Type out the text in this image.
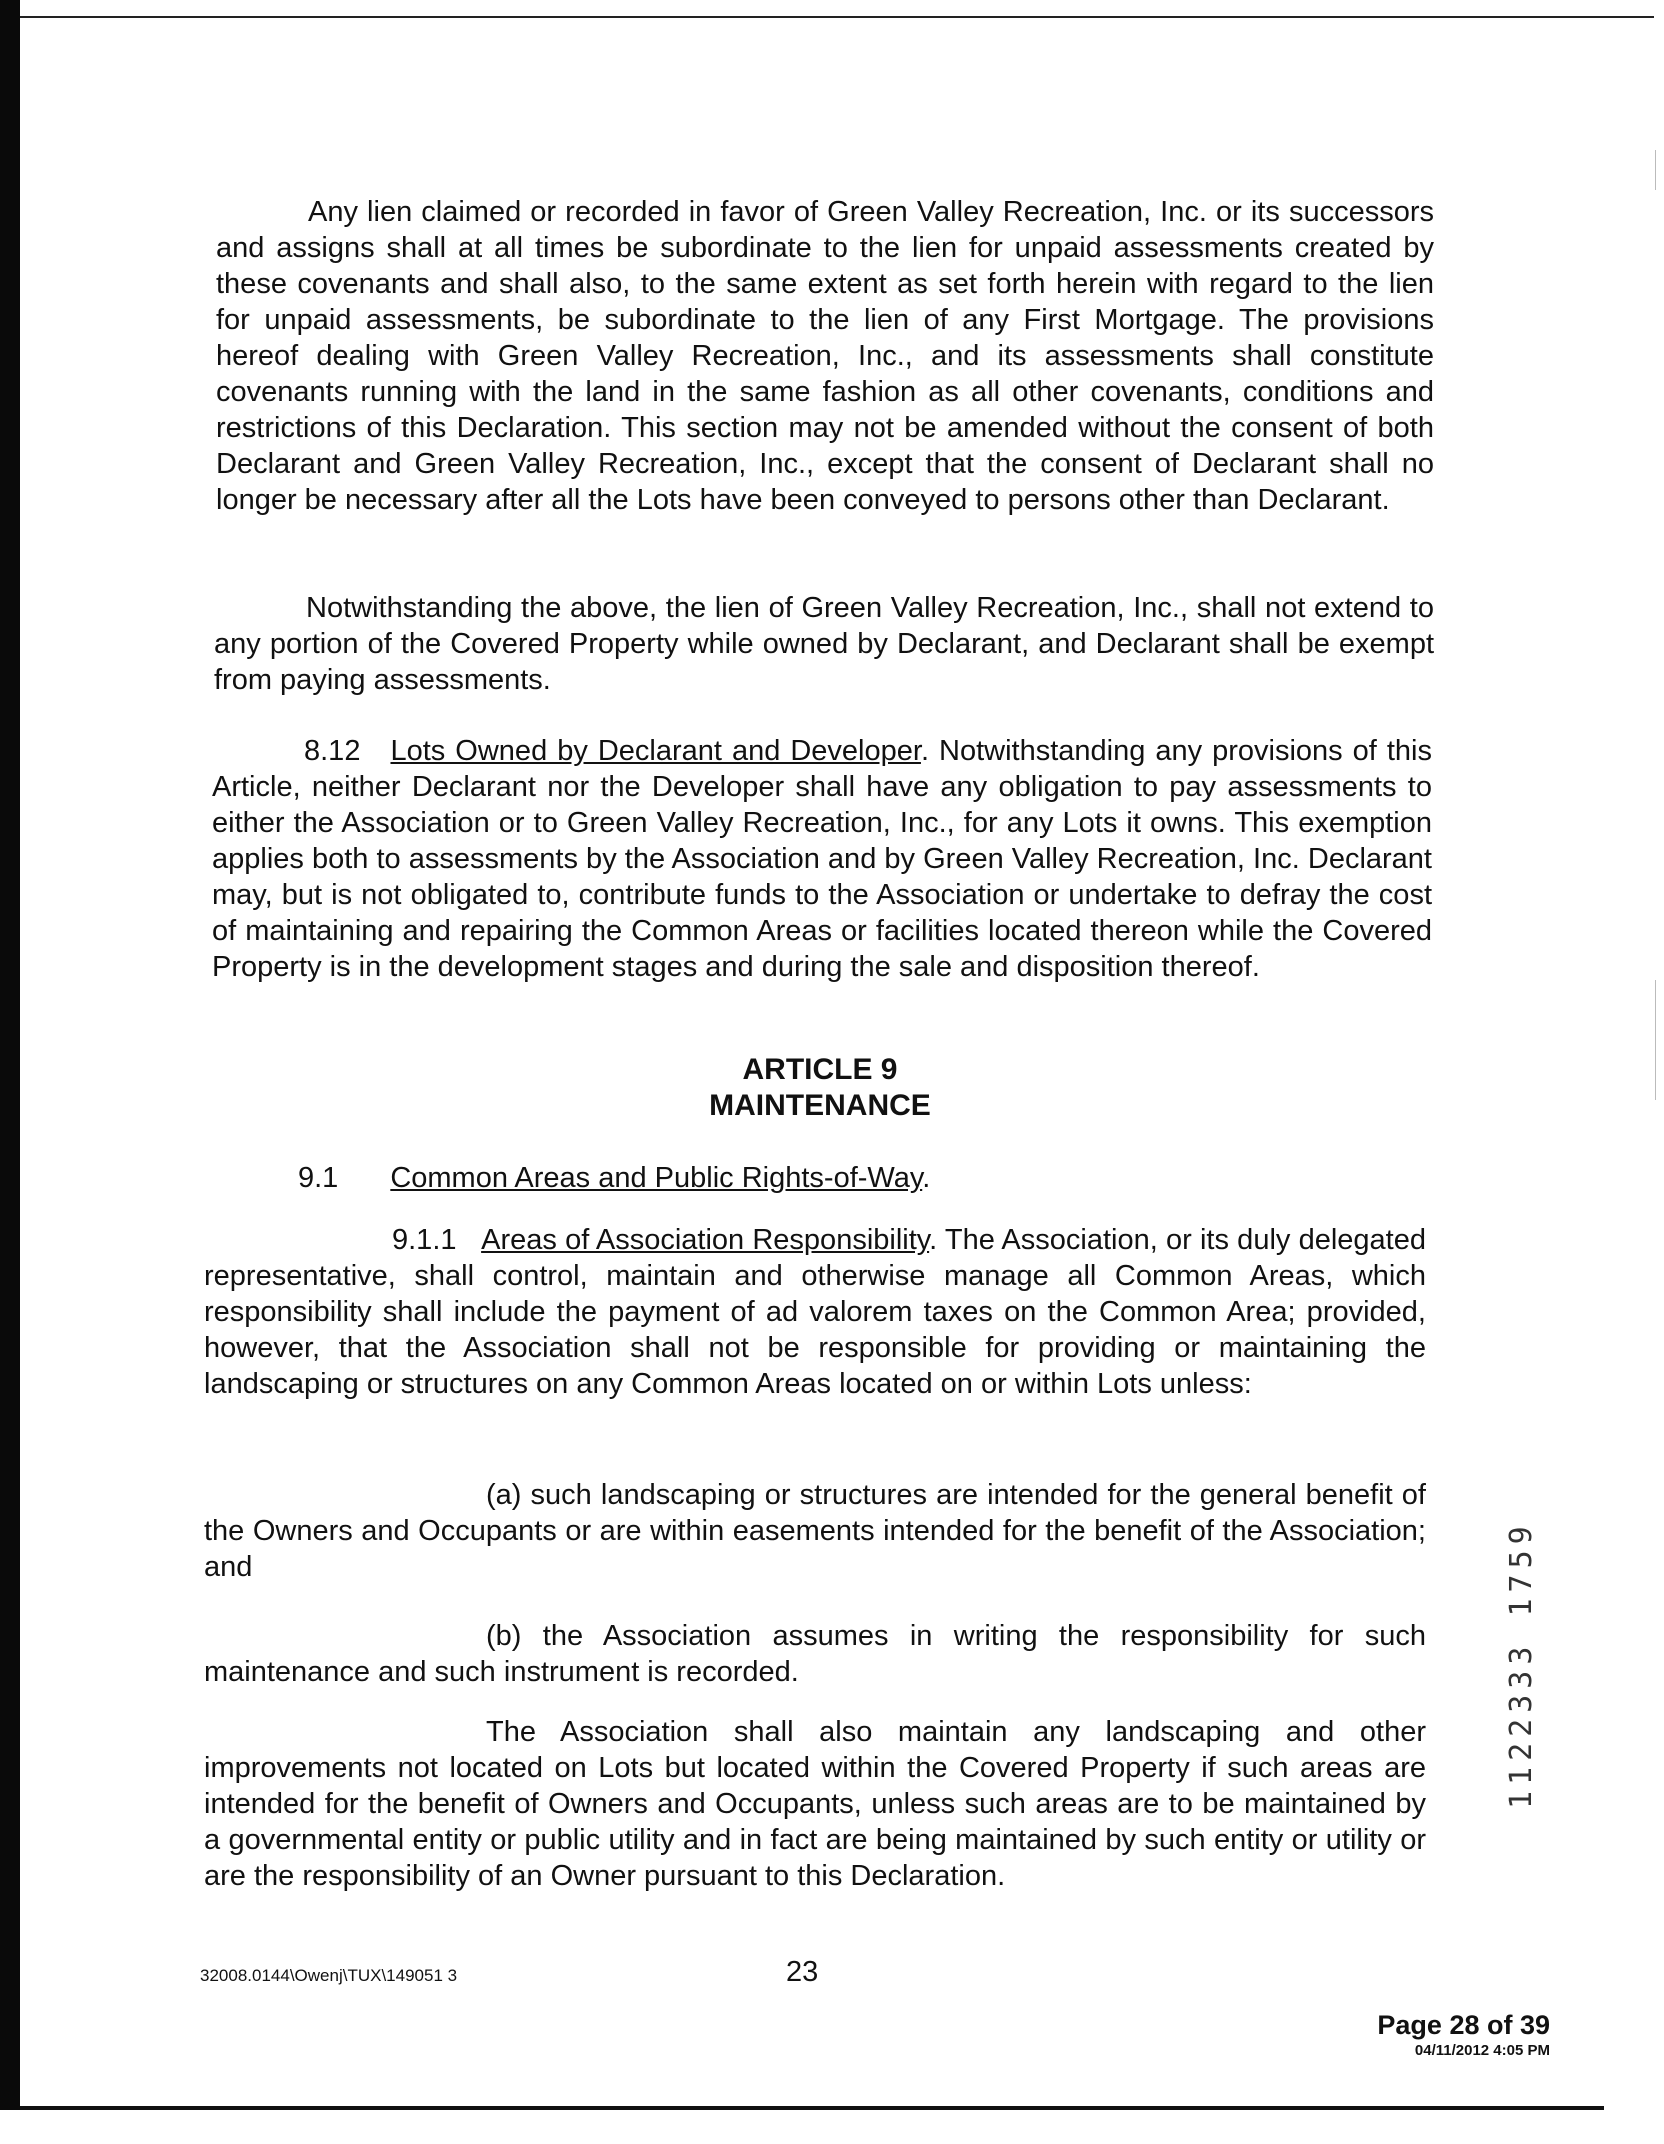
Any lien claimed or recorded in favor of Green Valley Recreation, Inc. or its successors and assigns shall at all times be subordinate to the lien for unpaid assessments created by these covenants and shall also, to the same extent as set forth herein with regard to the lien for unpaid assessments, be subordinate to the lien of any First Mortgage. The provisions hereof dealing with Green Valley Recreation, Inc., and its assessments shall constitute covenants running with the land in the same fashion as all other covenants, conditions and restrictions of this Declaration. This section may not be amended without the consent of both Declarant and Green Valley Recreation, Inc., except that the consent of Declarant shall no longer be necessary after all the Lots have been conveyed to persons other than Declarant.

Notwithstanding the above, the lien of Green Valley Recreation, Inc., shall not extend to any portion of the Covered Property while owned by Declarant, and Declarant shall be exempt from paying assessments.

8.12 Lots Owned by Declarant and Developer. Notwithstanding any provisions of this Article, neither Declarant nor the Developer shall have any obligation to pay assessments to either the Association or to Green Valley Recreation, Inc., for any Lots it owns. This exemption applies both to assessments by the Association and by Green Valley Recreation, Inc. Declarant may, but is not obligated to, contribute funds to the Association or undertake to defray the cost of maintaining and repairing the Common Areas or facilities located thereon while the Covered Property is in the development stages and during the sale and disposition thereof.

ARTICLE 9

MAINTENANCE

9.1 Common Areas and Public Rights-of-Way.

9.1.1 Areas of Association Responsibility. The Association, or its duly delegated representative, shall control, maintain and otherwise manage all Common Areas, which responsibility shall include the payment of ad valorem taxes on the Common Area; provided, however, that the Association shall not be responsible for providing or maintaining the landscaping or structures on any Common Areas located on or within Lots unless:

(a) such landscaping or structures are intended for the general benefit of the Owners and Occupants or are within easements intended for the benefit of the Association; and

(b) the Association assumes in writing the responsibility for such maintenance and such instrument is recorded.

The Association shall also maintain any landscaping and other improvements not located on Lots but located within the Covered Property if such areas are intended for the benefit of Owners and Occupants, unless such areas are to be maintained by a governmental entity or public utility and in fact are being maintained by such entity or utility or are the responsibility of an Owner pursuant to this Declaration.

1122333 1759
32008.0144\Owenj\TUX\149051 3	23
Page 28 of 39
04/11/2012 4:05 PM
